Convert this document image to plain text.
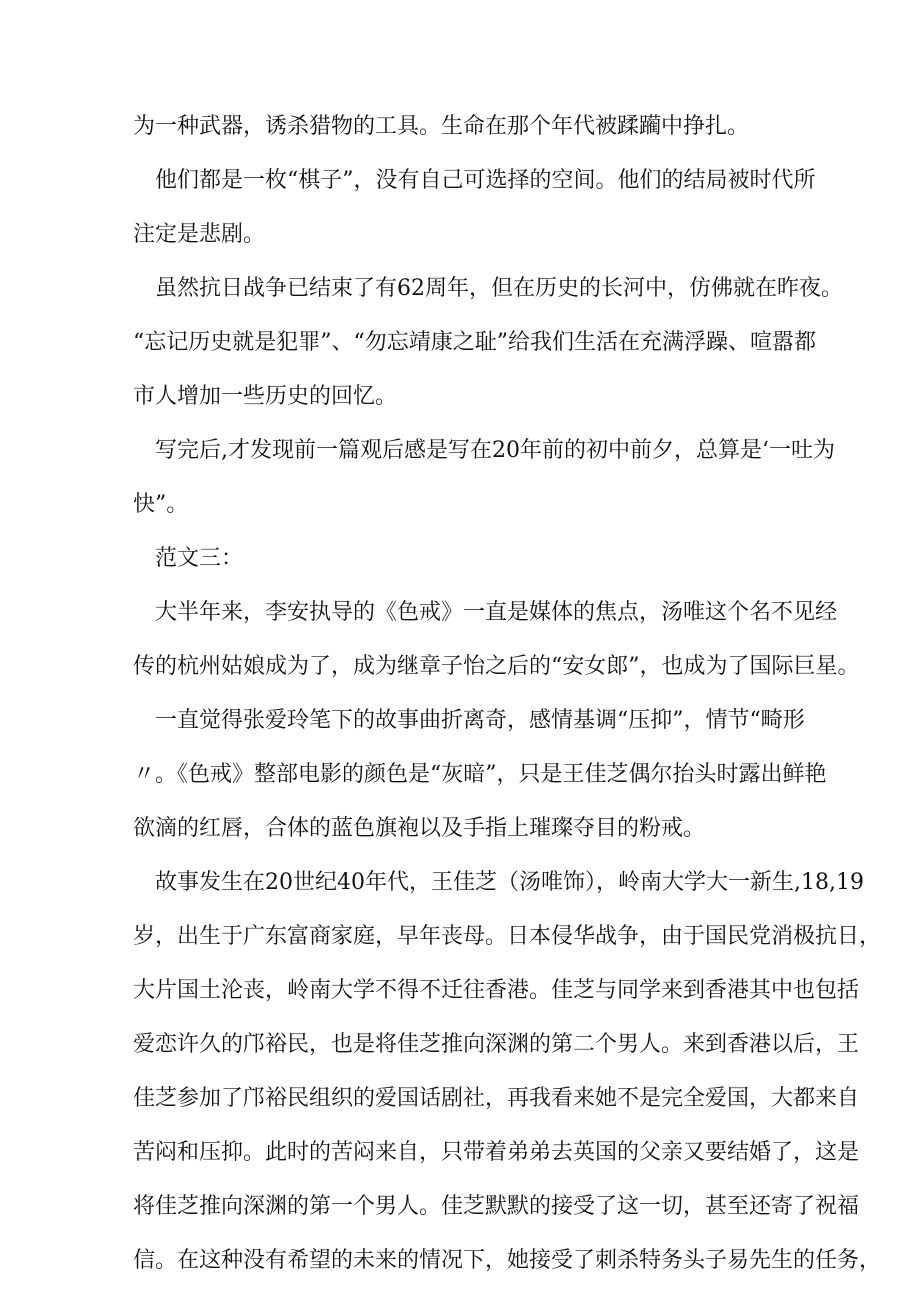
为一种武器，诱杀猎物的工具。生命在那个年代被蹂躏中挣扎。
他们都是一枚“棋子”，没有自己可选择的空间。他们的结局被时代所
注定是悲剧。
虽然抗日战争已结束了有62周年，但在历史的长河中，仿佛就在昨夜。
“忘记历史就是犯罪”、“勿忘靖康之耻”给我们生活在充满浮躁、喧嚣都
市人增加一些历史的回忆。
写完后,才发现前一篇观后感是写在20年前的初中前夕，总算是‘一吐为
快”。
范文三：
大半年来，李安执导的《色戒》一直是媒体的焦点，汤唯这个名不见经
传的杭州姑娘成为了，成为继章子怡之后的“安女郎”，也成为了国际巨星。
一直觉得张爱玲笔下的故事曲折离奇，感情基调“压抑”，情节“畸形
〃。《色戒》整部电影的颜色是“灰暗”，只是王佳芝偶尔抬头时露出鲜艳
欲滴的红唇，合体的蓝色旗袍以及手指上璀璨夺目的粉戒。
故事发生在20世纪40年代，王佳芝（汤唯饰），岭南大学大一新生,18,19
岁，出生于广东富商家庭，早年丧母。日本侵华战争，由于国民党消极抗日，
大片国土沦丧，岭南大学不得不迁往香港。佳芝与同学来到香港其中也包括
爱恋许久的邝裕民，也是将佳芝推向深渊的第二个男人。来到香港以后，王
佳芝参加了邝裕民组织的爱国话剧社，再我看来她不是完全爱国，大都来自
苦闷和压抑。此时的苦闷来自，只带着弟弟去英国的父亲又要结婚了，这是
将佳芝推向深渊的第一个男人。佳芝默默的接受了这一切，甚至还寄了祝福
信。在这种没有希望的未来的情况下，她接受了刺杀特务头子易先生的任务，
